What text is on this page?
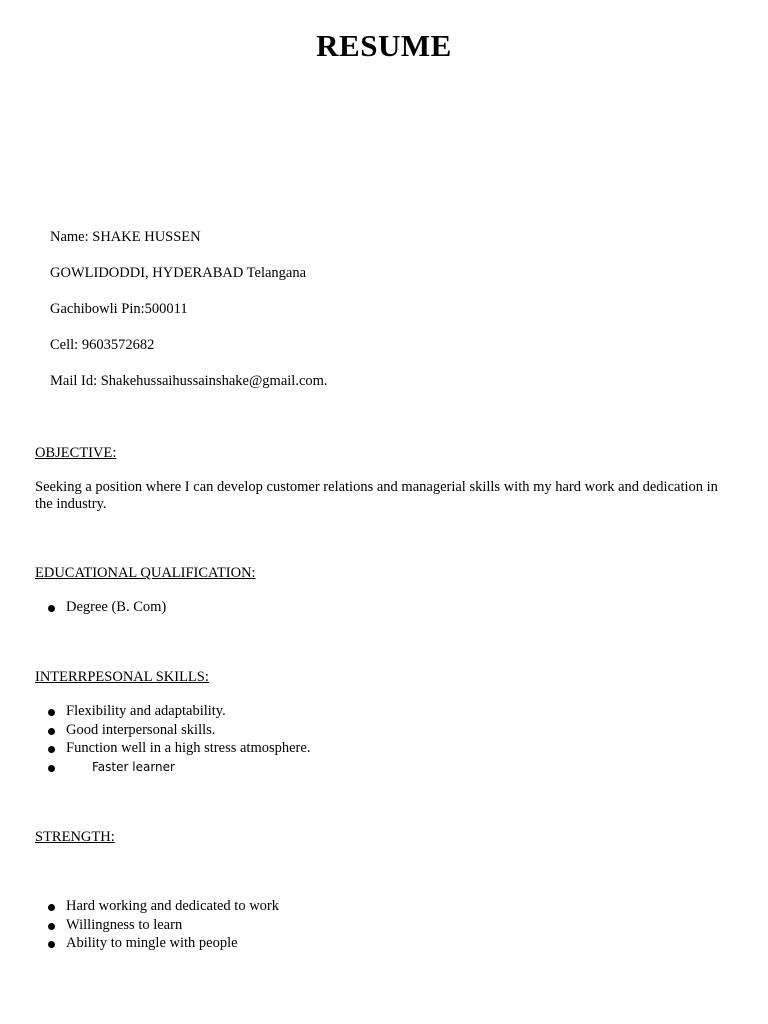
RESUME
Name: SHAKE HUSSEN
GOWLIDODDI, HYDERABAD Telangana
Gachibowli Pin:500011
Cell: 9603572682
Mail Id: Shakehussaihussainshake@gmail.com.
OBJECTIVE:
Seeking a position where I can develop customer relations and managerial skills with my hard work and dedication in the industry.
EDUCATIONAL QUALIFICATION:
Degree (B. Com)
INTERRPESONAL SKILLS:
Flexibility and adaptability.
Good interpersonal skills.
Function well in a high stress atmosphere.
Faster learner
STRENGTH:
Hard working and dedicated to work
Willingness to learn
Ability to mingle with people
